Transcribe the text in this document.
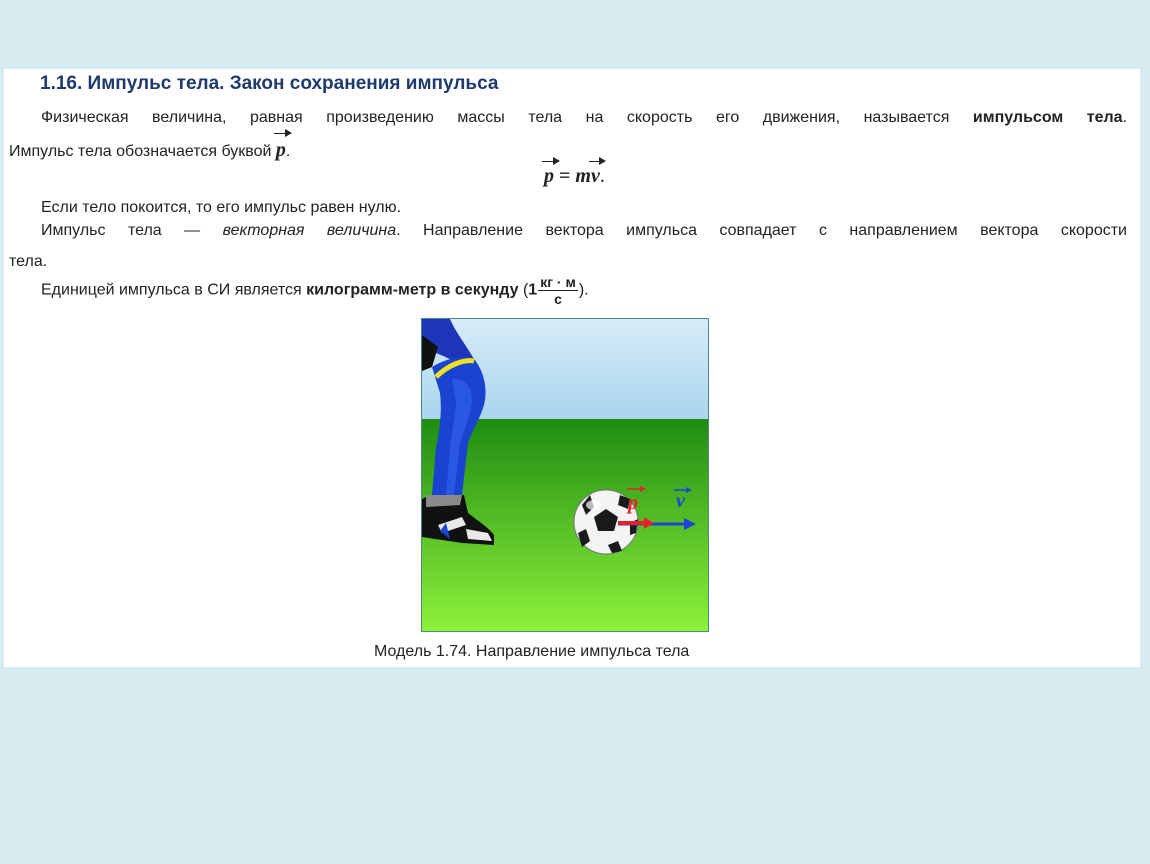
1.16. Импульс тела. Закон сохранения импульса
Физическая величина, равная произведению массы тела на скорость его движения, называется импульсом тела.
Импульс тела обозначается буквой p.
p = mv.
Если тело покоится, то его импульс равен нулю.
Импульс тела — векторная величина. Направление вектора импульса совпадает с направлением вектора скорости
тела.
Единицей импульса в СИ является килограмм-метр в секунду ($1 \frac{кг \cdot м}{с}$ ).
v
p
Модель 1.74. Направление импульса тела
